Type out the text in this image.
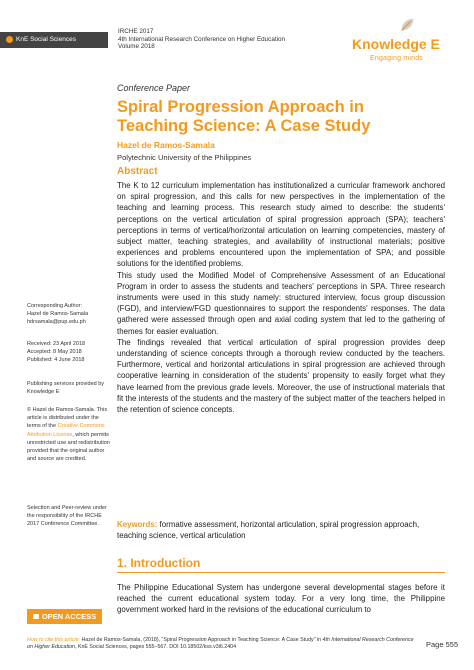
KnE Social Sciences
IRCHE 2017
4th International Research Conference on Higher Education
Volume 2018	Knowledge E
Engaging minds
Conference Paper
Spiral Progression Approach in Teaching Science: A Case Study
Hazel de Ramos-Samala
Polytechnic University of the Philippines
Abstract

The K to 12 curriculum implementation has institutionalized a curricular framework anchored on spiral progression, and this calls for new perspectives in the implementation of the teaching and learning process. This research study aimed to describe: the students' perceptions on the vertical articulation of spiral progression approach (SPA); teachers' perceptions in terms of vertical/horizontal articulation on learning competencies, mastery of subject matter, teaching strategies, and availability of instructional materials; positive experiences and problems encountered upon the implementation of SPA; and possible solutions for the identified problems.

This study used the Modified Model of Comprehensive Assessment of an Educational Program in order to assess the students and teachers' perceptions in SPA. Three research instruments were used in this study namely: structured interview, focus group discussion (FGD), and interview/FGD questionnaires to support the respondents' responses. The data gathered were assessed through open and axial coding system that led to the gathering of themes for easier evaluation.

The findings revealed that vertical articulation of spiral progression provides deep understanding of science concepts through a thorough review conducted by the teachers. Furthermore, vertical and horizontal articulations in spiral progression are achieved through cooperative learning in consideration of the students' propensity to easily forget what they have learned from the previous grade levels. Moreover, the use of instructional materials that fit the interests of the students and the mastery of the subject matter of the teachers helped in the retention of science concepts.

Keywords: formative assessment, horizontal articulation, spiral progression approach, teaching science, vertical articulation
1. Introduction
The Philippine Educational System has undergone several developmental stages before it reached the current educational system today. For a very long time, the Philippine government worked hard in the revisions of the educational curriculum to
Corresponding Author:
Hazel de Ramos-Samala
hdrsamala@pup.edu.ph
Received: 23 April 2018
Accepted: 8 May 2018
Published: 4 June 2018
Publishing services provided by Knowledge E
© Hazel de Ramos-Samala. This article is distributed under the terms of the Creative Commons Attribution License, which permits unrestricted use and redistribution provided that the original author and source are credited.
Selection and Peer-review under the responsibility of the IRCHE 2017 Conference Committee.
OPEN ACCESS
How to cite this article: Hazel de Ramos-Samala, (2018), “Spiral Progression Approach in Teaching Science: A Case Study” in 4th International Research Conference on Higher Education, KnE Social Sciences, pages 555–567. DOI 10.18502/kss.v3i6.2404	Page 555
